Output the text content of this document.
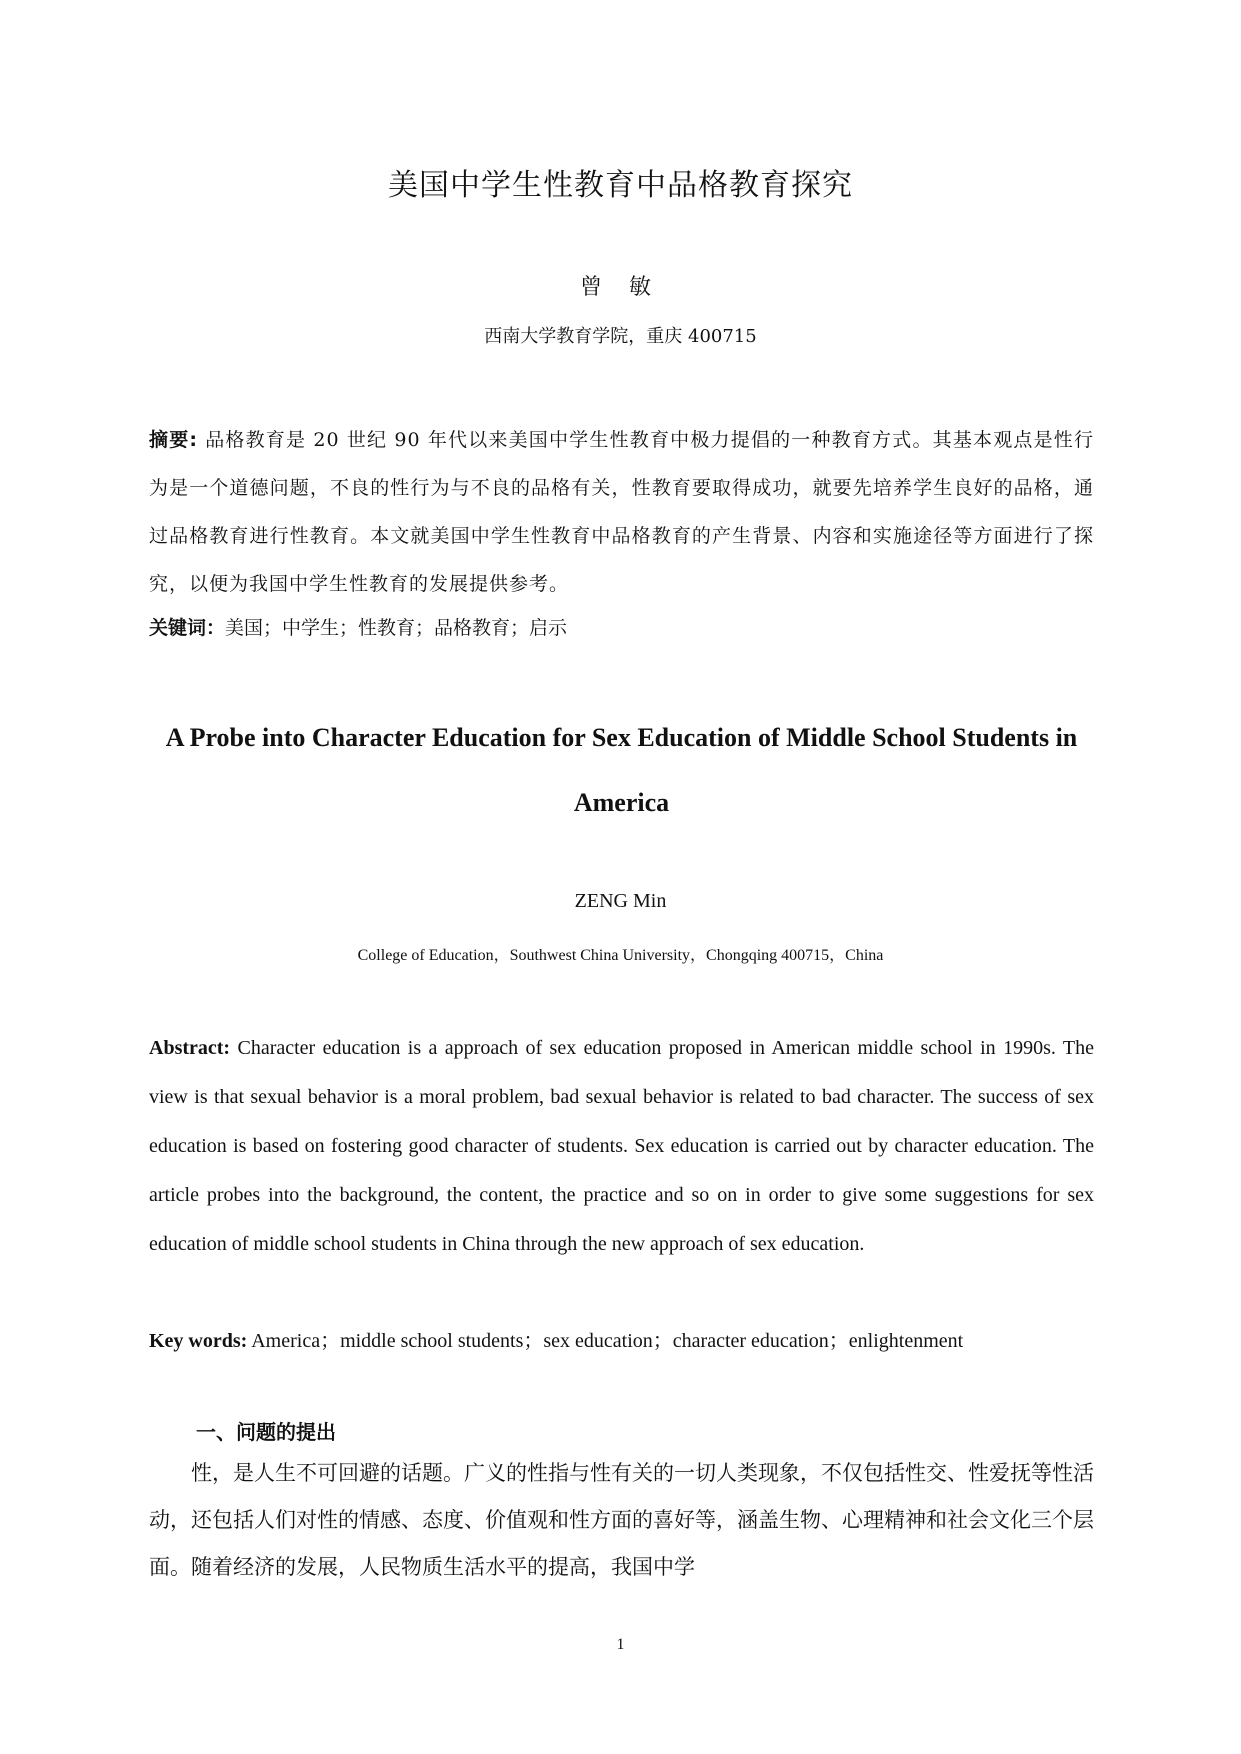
美国中学生性教育中品格教育探究
曾 敏
西南大学教育学院，重庆 400715
摘要: 品格教育是 20 世纪 90 年代以来美国中学生性教育中极力提倡的一种教育方式。其基本观点是性行为是一个道德问题，不良的性行为与不良的品格有关，性教育要取得成功，就要先培养学生良好的品格，通过品格教育进行性教育。本文就美国中学生性教育中品格教育的产生背景、内容和实施途径等方面进行了探究，以便为我国中学生性教育的发展提供参考。
关键词：美国；中学生；性教育；品格教育；启示
A Probe into Character Education for Sex Education of Middle School Students in America
ZENG Min
College of Education，Southwest China University，Chongqing 400715，China
Abstract: Character education is a approach of sex education proposed in American middle school in 1990s. The view is that sexual behavior is a moral problem, bad sexual behavior is related to bad character. The success of sex education is based on fostering good character of students. Sex education is carried out by character education. The article probes into the background, the content, the practice and so on in order to give some suggestions for sex education of middle school students in China through the new approach of sex education.
Key words: America；middle school students；sex education；character education；enlightenment
一、问题的提出
性，是人生不可回避的话题。广义的性指与性有关的一切人类现象，不仅包括性交、性爱抚等性活动，还包括人们对性的情感、态度、价值观和性方面的喜好等，涵盖生物、心理精神和社会文化三个层面。随着经济的发展，人民物质生活水平的提高，我国中学
1
